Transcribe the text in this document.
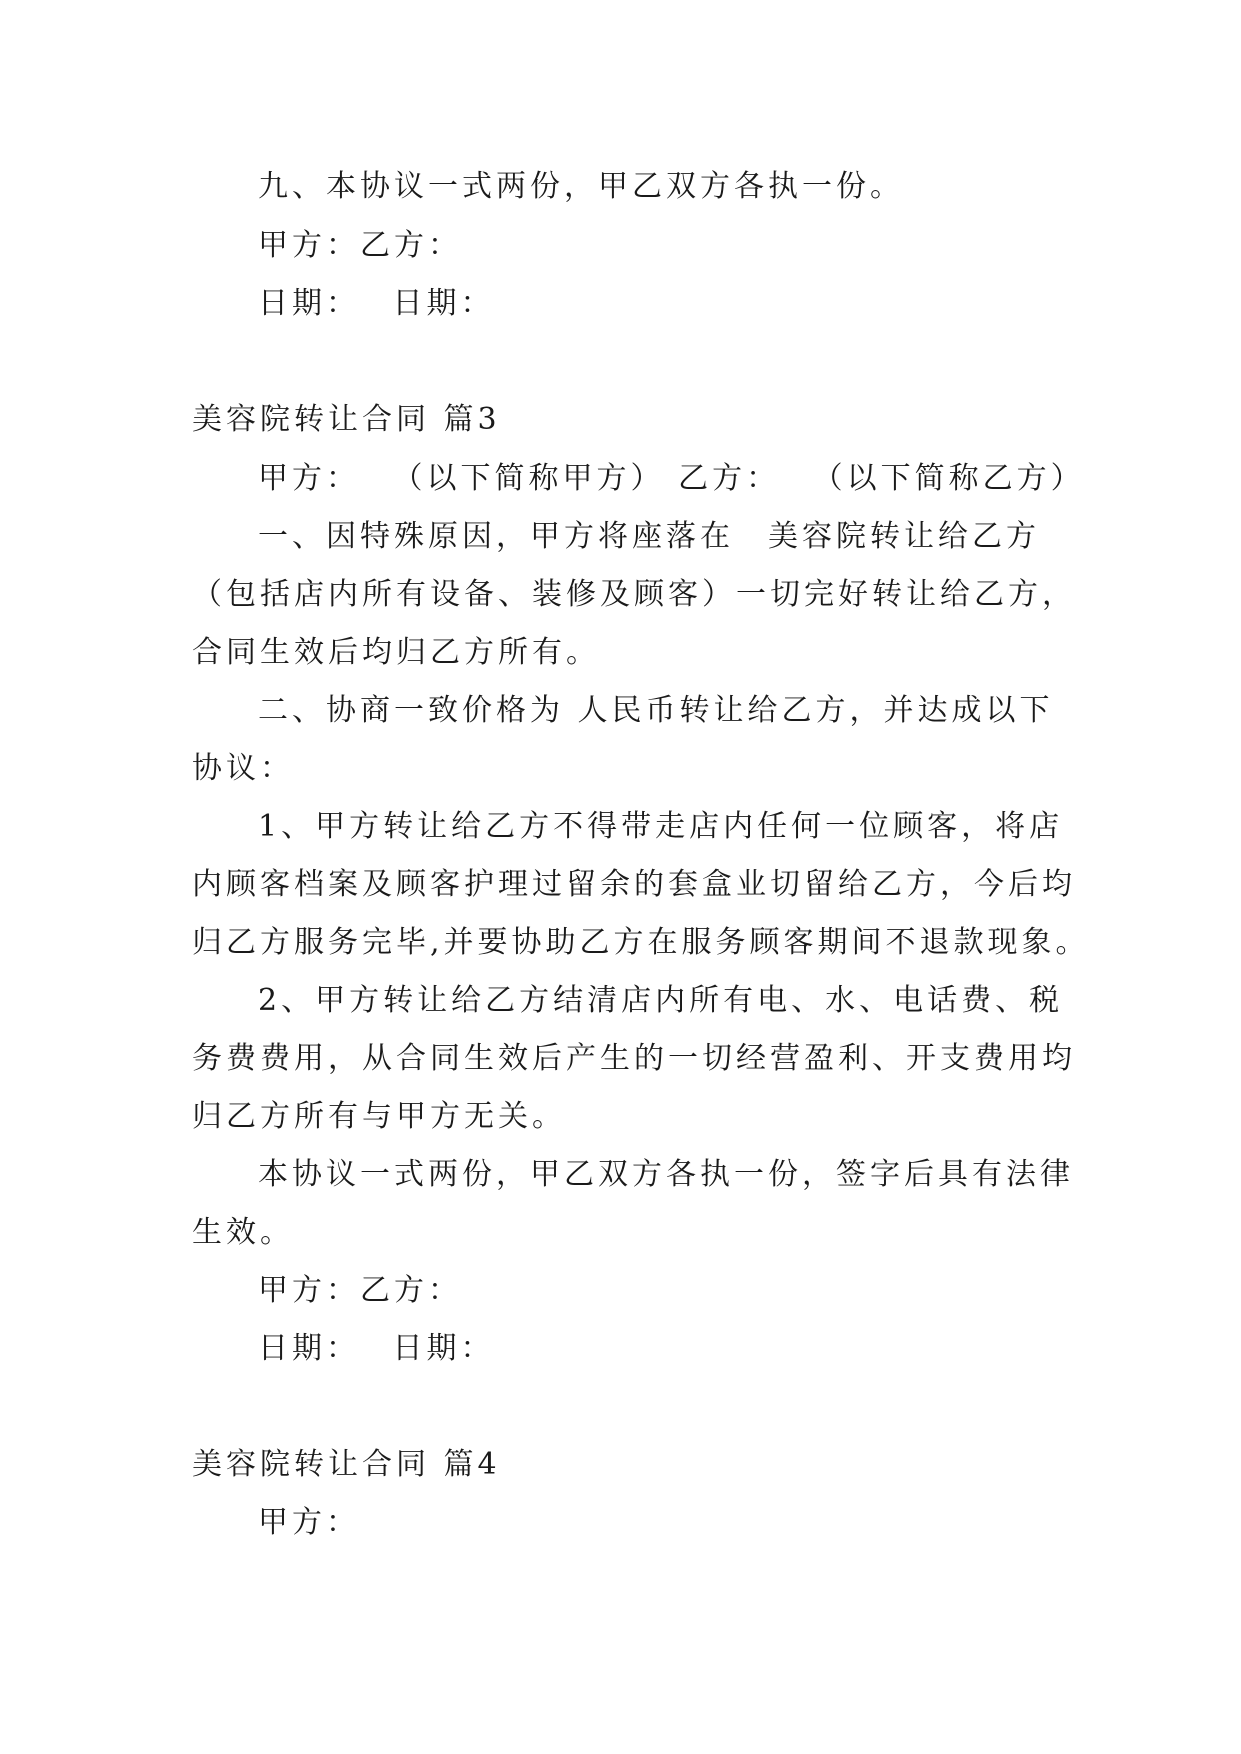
九、本协议一式两份，甲乙双方各执一份。
甲方：乙方：
日期：　 日期：
美容院转让合同 篇3
甲方：　 （以下简称甲方） 乙方：　 （以下简称乙方）
一、因特殊原因，甲方将座落在　美容院转让给乙方
（包括店内所有设备、装修及顾客）一切完好转让给乙方，
合同生效后均归乙方所有。
二、协商一致价格为 人民币转让给乙方，并达成以下
协议：
1、甲方转让给乙方不得带走店内任何一位顾客，将店
内顾客档案及顾客护理过留余的套盒业切留给乙方，今后均
归乙方服务完毕,并要协助乙方在服务顾客期间不退款现象。
2、甲方转让给乙方结清店内所有电、水、电话费、税
务费费用，从合同生效后产生的一切经营盈利、开支费用均
归乙方所有与甲方无关。
本协议一式两份，甲乙双方各执一份，签字后具有法律
生效。
甲方：乙方：
日期：　 日期：
美容院转让合同 篇4
甲方：
